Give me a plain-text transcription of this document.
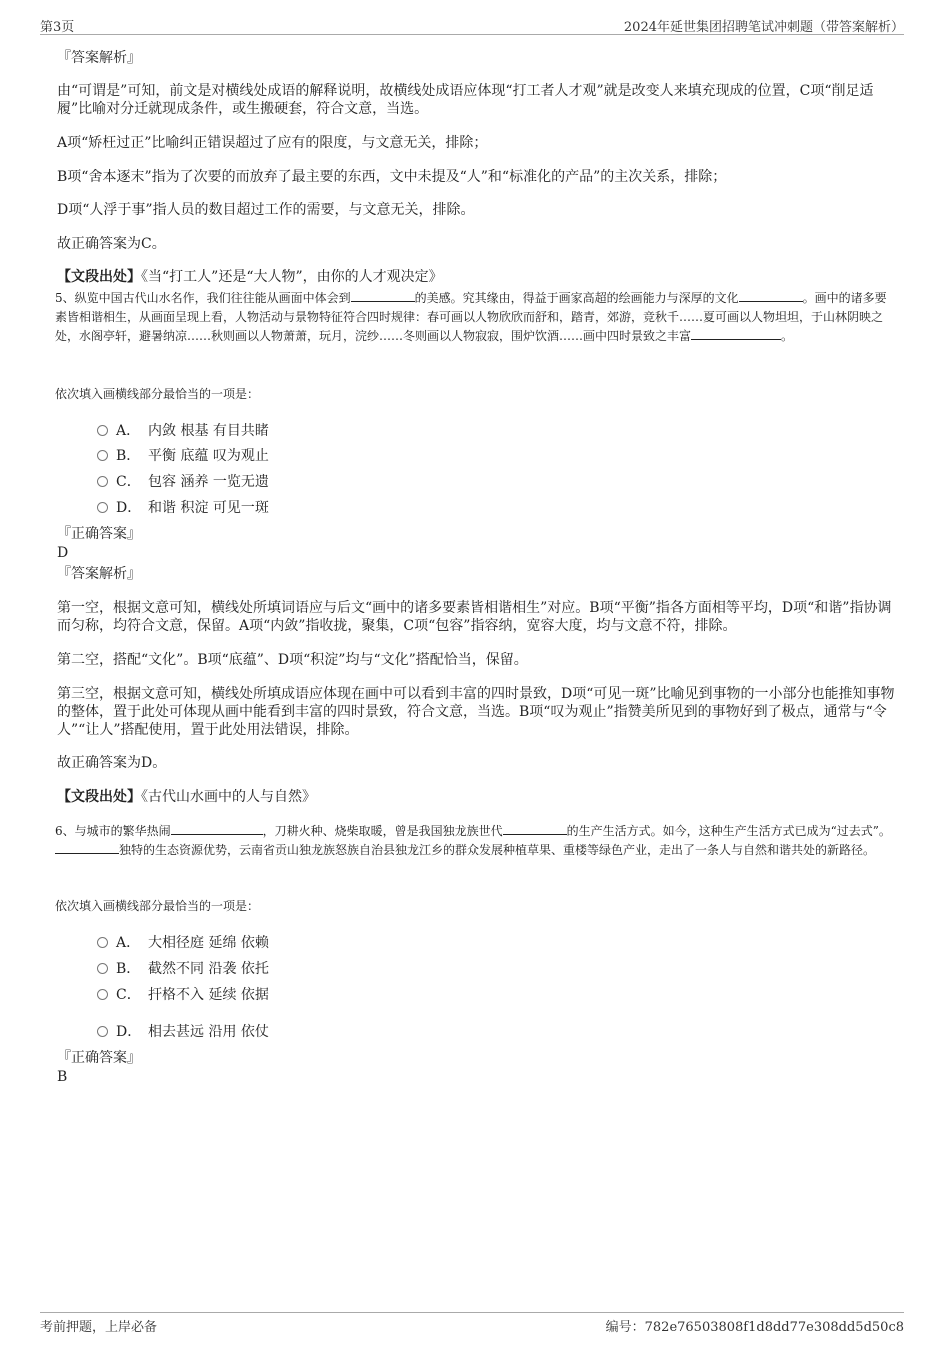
第3页	2024年延世集团招聘笔试冲刺题（带答案解析）

『答案解析』

由“可谓是”可知，前文是对横线处成语的解释说明，故横线处成语应体现“打工者人才观”就是改变人来填充现成的位置，C项“削足适履”比喻对分迁就现成条件，或生搬硬套，符合文意，当选。

A项“矫枉过正”比喻纠正错误超过了应有的限度，与文意无关，排除；

B项“舍本逐末”指为了次要的而放弃了最主要的东西，文中未提及“人”和“标准化的产品”的主次关系，排除；

D项“人浮于事”指人员的数目超过工作的需要，与文意无关，排除。

故正确答案为C。

【文段出处】《当“打工人”还是“大人物”，由你的人才观决定》

5、纵览中国古代山水名作，我们往往能从画面中体会到	的美感。究其缘由，得益于画家高超的绘画能力与深厚的文化	。画中的诸多要素皆相谐相生，从画面呈现上看，人物活动与景物特征符合四时规律：春可画以人物欣欣而舒和，踏青，郊游，竞秋千……夏可画以人物坦坦，于山林阴映之处，水阁亭轩，避暑纳凉……秋则画以人物萧萧，玩月，浣纱……冬则画以人物寂寂，围炉饮酒……画中四时景致之丰富	。

依次填入画横线部分最恰当的一项是：

A． 内敛 根基 有目共睹
B． 平衡 底蕴 叹为观止
C． 包容 涵养 一览无遗
D． 和谐 积淀 可见一斑

『正确答案』

D

『答案解析』

第一空，根据文意可知，横线处所填词语应与后文“画中的诸多要素皆相谐相生”对应。B项“平衡”指各方面相等平均，D项“和谐”指协调而匀称，均符合文意，保留。A项“内敛”指收拢，聚集，C项“包容”指容纳，宽容大度，均与文意不符，排除。

第二空，搭配“文化”。B项“底蕴”、D项“积淀”均与“文化”搭配恰当，保留。

第三空，根据文意可知，横线处所填成语应体现在画中可以看到丰富的四时景致，D项“可见一斑”比喻见到事物的一小部分也能推知事物的整体，置于此处可体现从画中能看到丰富的四时景致，符合文意，当选。B项“叹为观止”指赞美所见到的事物好到了极点，通常与“令人”“让人”搭配使用，置于此处用法错误，排除。

故正确答案为D。

【文段出处】《古代山水画中的人与自然》

6、与城市的繁华热闹	，刀耕火种、烧柴取暖，曾是我国独龙族世代	的生产生活方式。如今，这种生产生活方式已成为“过去式”。独特的生态资源优势，云南省贡山独龙族怒族自治县独龙江乡的群众发展种植草果、重楼等绿色产业，走出了一条人与自然和谐共处的新路径。

依次填入画横线部分最恰当的一项是：

A． 大相径庭 延绵 依赖
B． 截然不同 沿袭 依托
C． 扞格不入 延续 依据
D． 相去甚远 沿用 依仗

『正确答案』

B

考前押题，上岸必备	编号：782e76503808f1d8dd77e308dd5d50c8
